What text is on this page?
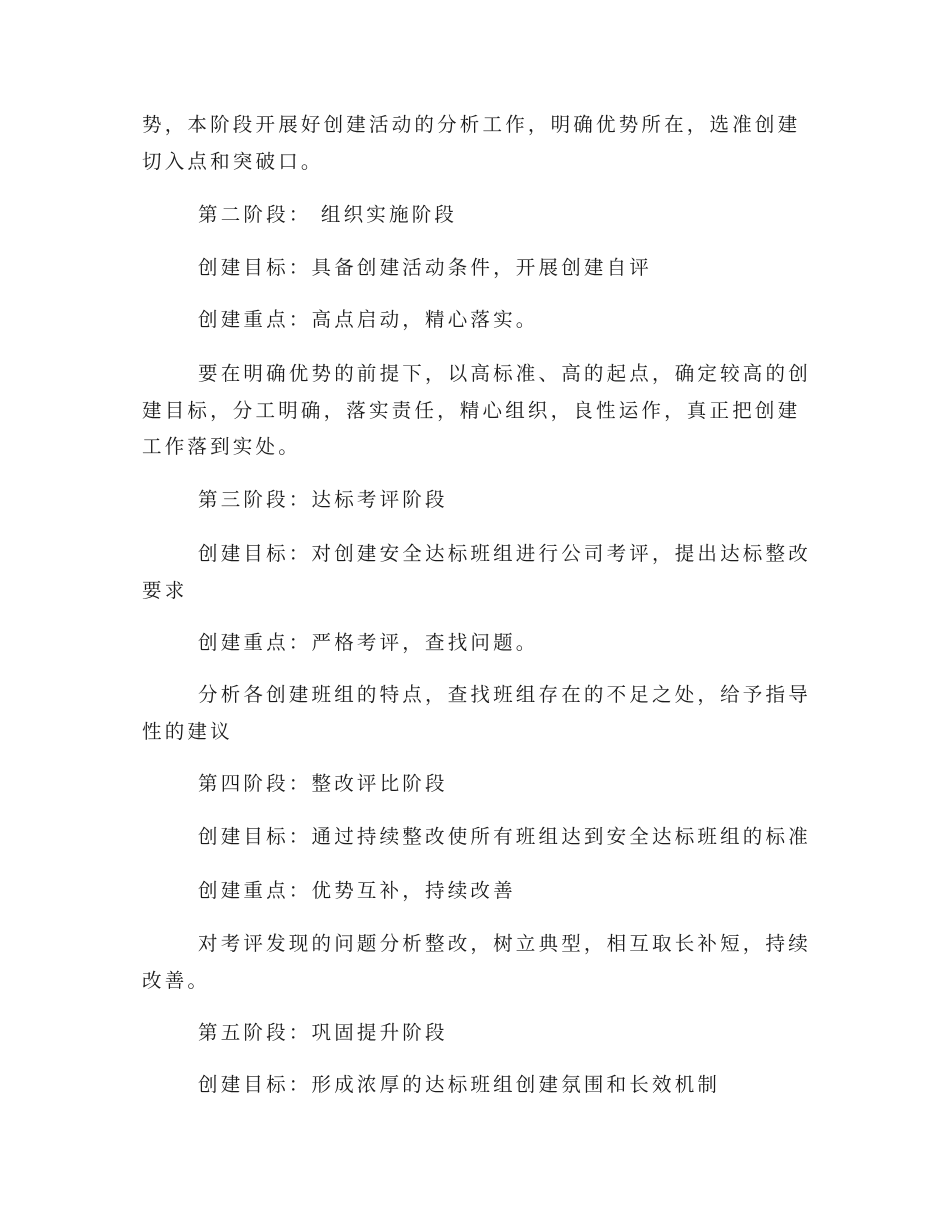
势，本阶段开展好创建活动的分析工作，明确优势所在，选准创建切入点和突破口。

第二阶段： 组织实施阶段

创建目标：具备创建活动条件，开展创建自评

创建重点：高点启动，精心落实。

要在明确优势的前提下，以高标准、高的起点，确定较高的创建目标，分工明确，落实责任，精心组织，良性运作，真正把创建工作落到实处。

第三阶段：达标考评阶段

创建目标：对创建安全达标班组进行公司考评，提出达标整改要求

创建重点：严格考评，查找问题。

分析各创建班组的特点，查找班组存在的不足之处，给予指导性的建议

第四阶段：整改评比阶段

创建目标：通过持续整改使所有班组达到安全达标班组的标准

创建重点：优势互补，持续改善

对考评发现的问题分析整改，树立典型，相互取长补短，持续改善。

第五阶段：巩固提升阶段

创建目标：形成浓厚的达标班组创建氛围和长效机制
